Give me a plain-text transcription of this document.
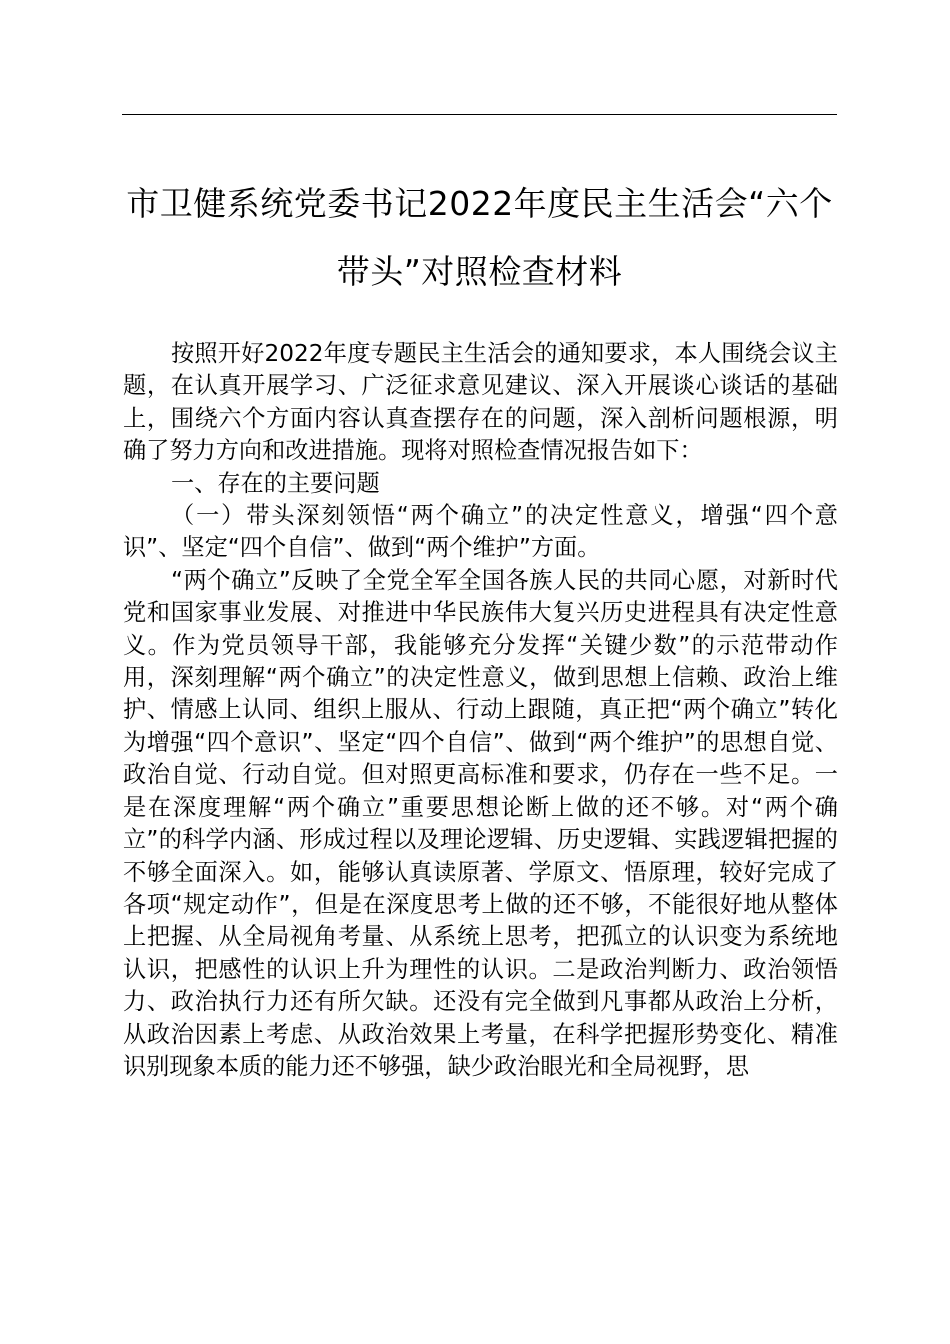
市卫健系统党委书记2022年度民主生活会“六个带头”对照检查材料

按照开好2022年度专题民主生活会的通知要求，本人围绕会议主题，在认真开展学习、广泛征求意见建议、深入开展谈心谈话的基础上，围绕六个方面内容认真查摆存在的问题，深入剖析问题根源，明确了努力方向和改进措施。现将对照检查情况报告如下：

一、存在的主要问题

（一）带头深刻领悟“两个确立”的决定性意义，增强“四个意识”、坚定“四个自信”、做到“两个维护”方面。

“两个确立”反映了全党全军全国各族人民的共同心愿，对新时代党和国家事业发展、对推进中华民族伟大复兴历史进程具有决定性意义。作为党员领导干部，我能够充分发挥“关键少数”的示范带动作用，深刻理解“两个确立”的决定性意义，做到思想上信赖、政治上维护、情感上认同、组织上服从、行动上跟随，真正把“两个确立”转化为增强“四个意识”、坚定“四个自信”、做到“两个维护”的思想自觉、政治自觉、行动自觉。但对照更高标准和要求，仍存在一些不足。一是在深度理解“两个确立”重要思想论断上做的还不够。对“两个确立”的科学内涵、形成过程以及理论逻辑、历史逻辑、实践逻辑把握的不够全面深入。如，能够认真读原著、学原文、悟原理，较好完成了各项“规定动作”，但是在深度思考上做的还不够，不能很好地从整体上把握、从全局视角考量、从系统上思考，把孤立的认识变为系统地认识，把感性的认识上升为理性的认识。二是政治判断力、政治领悟力、政治执行力还有所欠缺。还没有完全做到凡事都从政治上分析，从政治因素上考虑、从政治效果上考量，在科学把握形势变化、精准识别现象本质的能力还不够强，缺少政治眼光和全局视野，思
